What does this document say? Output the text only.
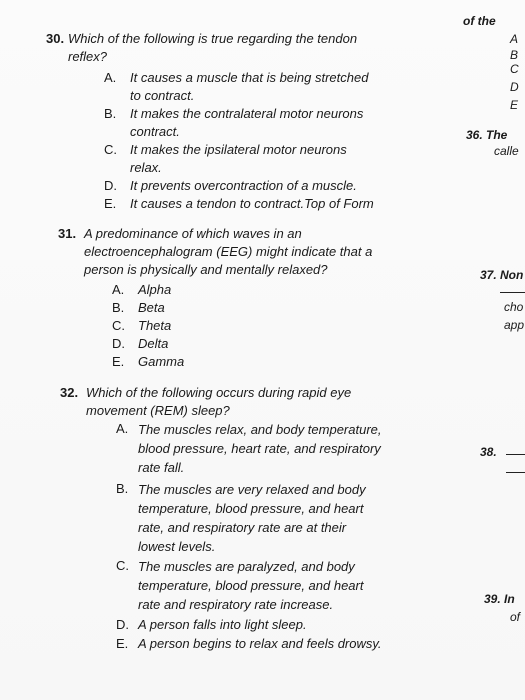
of the
A
B
C
D
E
36. The
calle
37. Non
cho
app
38.
39. In
of
30. Which of the following is true regarding the tendon
reflex?
A. It causes a muscle that is being stretched
to contract.
B. It makes the contralateral motor neurons
contract.
C. It makes the ipsilateral motor neurons
relax.
D. It prevents overcontraction of a muscle.
E. It causes a tendon to contract.Top of Form
31. A predominance of which waves in an
electroencephalogram (EEG) might indicate that a
person is physically and mentally relaxed?
A. Alpha
B. Beta
C. Theta
D. Delta
E. Gamma
32. Which of the following occurs during rapid eye
movement (REM) sleep?
A. The muscles relax, and body temperature,
blood pressure, heart rate, and respiratory
rate fall.
B. The muscles are very relaxed and body
temperature, blood pressure, and heart
rate, and respiratory rate are at their
lowest levels.
C. The muscles are paralyzed, and body
temperature, blood pressure, and heart
rate and respiratory rate increase.
D. A person falls into light sleep.
E. A person begins to relax and feels drowsy.
